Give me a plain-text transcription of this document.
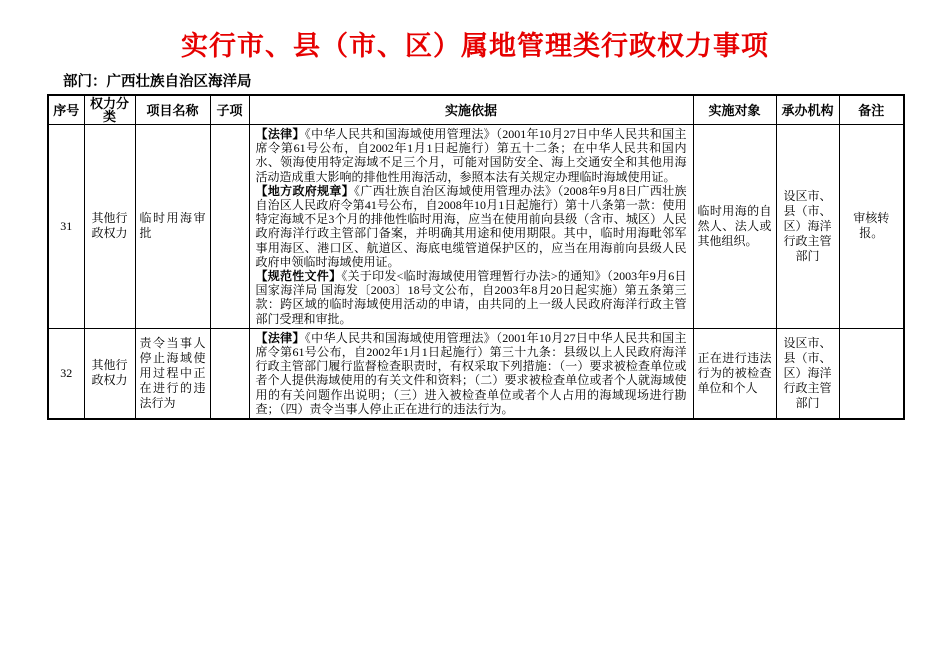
实行市、县（市、区）属地管理类行政权力事项
部门：广西壮族自治区海洋局
序号	权力分类	项目名称	子项	实施依据	实施对象	承办机构	备注
31	其他行政权力	临时用海审批		【法律】《中华人民共和国海域使用管理法》（2001年10月27日中华人民共和国主席令第61号公布，自2002年1月1日起施行）第五十二条；在中华人民共和国内水、领海使用特定海域不足三个月，可能对国防安全、海上交通安全和其他用海活动造成重大影响的排他性用海活动，参照本法有关规定办理临时海域使用证。

【地方政府规章】《广西壮族自治区海域使用管理办法》（2008年9月8日广西壮族自治区人民政府令第41号公布，自2008年10月1日起施行）第十八条第一款：使用特定海域不足3个月的排他性临时用海，应当在使用前向县级（含市、城区）人民政府海洋行政主管部门备案，并明确其用途和使用期限。其中，临时用海毗邻军事用海区、港口区、航道区、海底电缆管道保护区的，应当在用海前向县级人民政府申领临时海域使用证。

【规范性文件】《关于印发<临时海域使用管理暂行办法>的通知》（2003年9月6日国家海洋局 国海发〔2003〕18号文公布，自2003年8月20日起实施）第五条第三款：跨区域的临时海域使用活动的申请，由共同的上一级人民政府海洋行政主管部门受理和审批。	临时用海的自然人、法人或其他组织。	设区市、县（市、区）海洋行政主管部门	审核转报。
32	其他行政权力	责令当事人停止海域使用过程中正在进行的违法行为		【法律】《中华人民共和国海域使用管理法》（2001年10月27日中华人民共和国主席令第61号公布，自2002年1月1日起施行）第三十九条：县级以上人民政府海洋行政主管部门履行监督检查职责时，有权采取下列措施：（一）要求被检查单位或者个人提供海域使用的有关文件和资料；（二）要求被检查单位或者个人就海域使用的有关问题作出说明；（三）进入被检查单位或者个人占用的海域现场进行勘查；（四）责令当事人停止正在进行的违法行为。	正在进行违法行为的被检查单位和个人	设区市、县（市、区）海洋行政主管部门	
